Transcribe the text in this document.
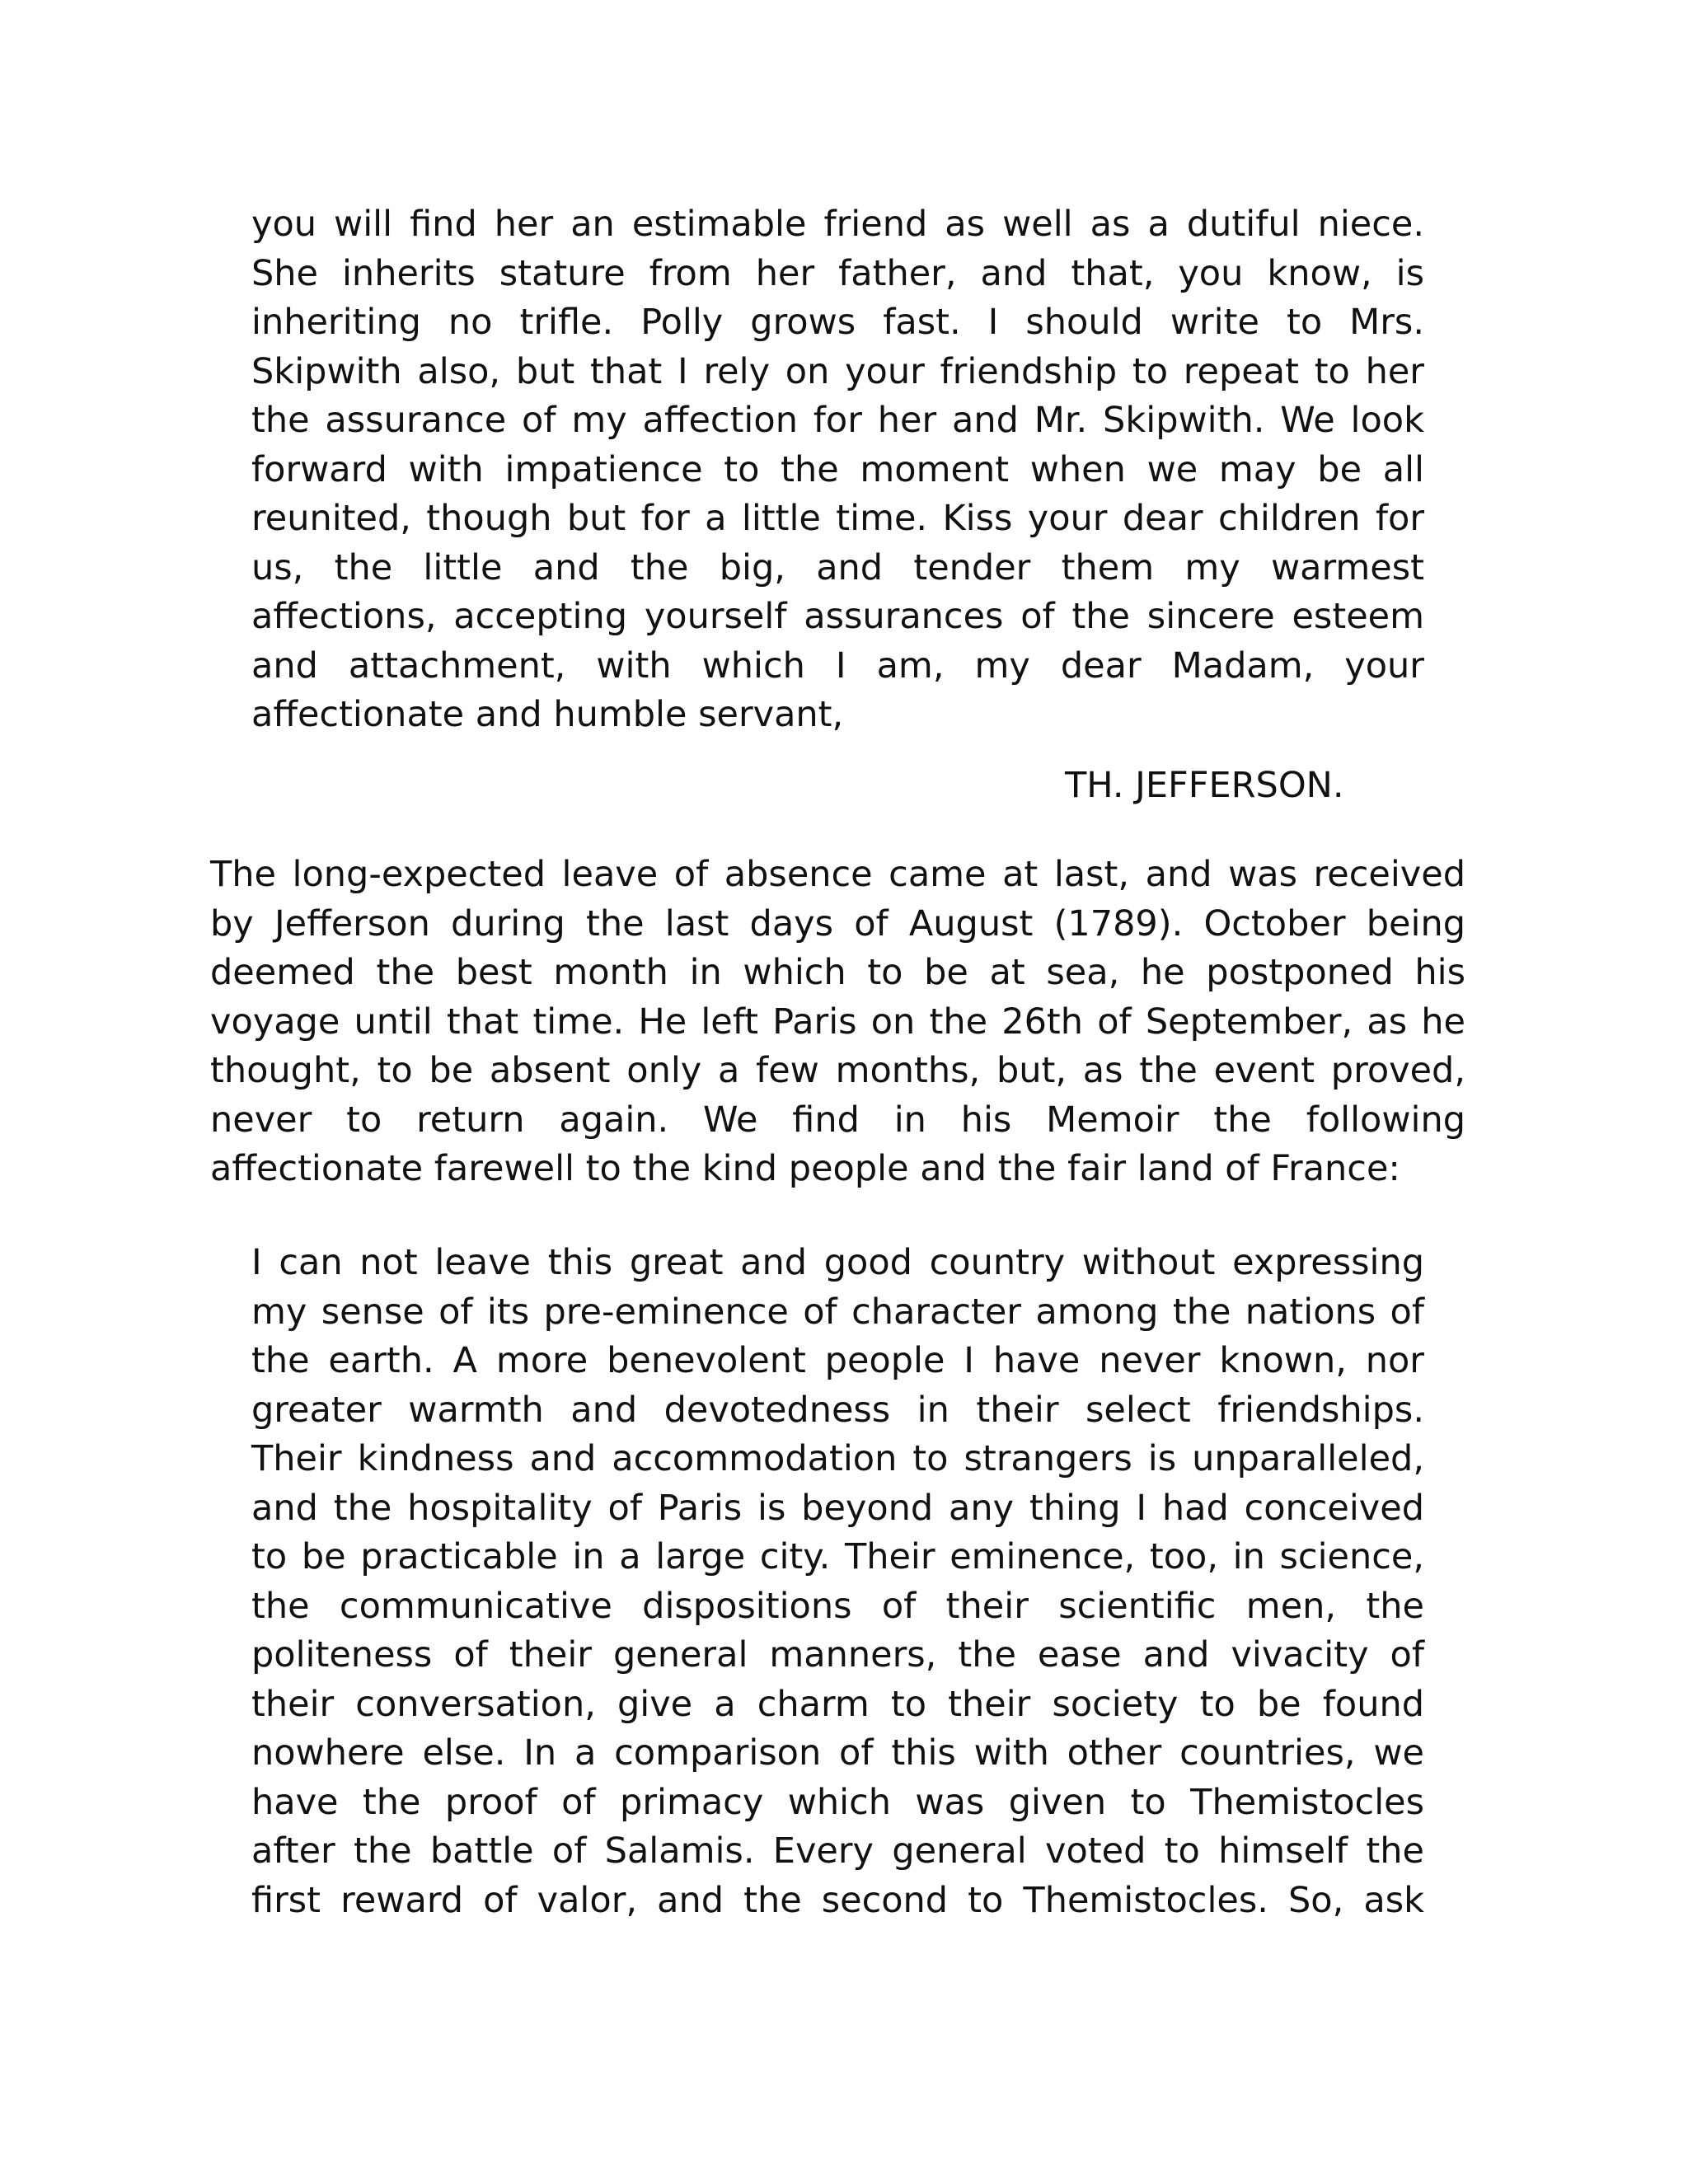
you will find her an estimable friend as well as a dutiful niece.
She inherits stature from her father, and that, you know, is
inheriting no trifle. Polly grows fast. I should write to Mrs.
Skipwith also, but that I rely on your friendship to repeat to her
the assurance of my affection for her and Mr. Skipwith. We look
forward with impatience to the moment when we may be all
reunited, though but for a little time. Kiss your dear children for
us, the little and the big, and tender them my warmest
affections, accepting yourself assurances of the sincere esteem
and attachment, with which I am, my dear Madam, your
affectionate and humble servant,
TH. JEFFERSON.
The long-expected leave of absence came at last, and was received
by Jefferson during the last days of August (1789). October being
deemed the best month in which to be at sea, he postponed his
voyage until that time. He left Paris on the 26th of September, as he
thought, to be absent only a few months, but, as the event proved,
never to return again. We find in his Memoir the following
affectionate farewell to the kind people and the fair land of France:
I can not leave this great and good country without expressing
my sense of its pre-eminence of character among the nations of
the earth. A more benevolent people I have never known, nor
greater warmth and devotedness in their select friendships.
Their kindness and accommodation to strangers is unparalleled,
and the hospitality of Paris is beyond any thing I had conceived
to be practicable in a large city. Their eminence, too, in science,
the communicative dispositions of their scientific men, the
politeness of their general manners, the ease and vivacity of
their conversation, give a charm to their society to be found
nowhere else. In a comparison of this with other countries, we
have the proof of primacy which was given to Themistocles
after the battle of Salamis. Every general voted to himself the
first reward of valor, and the second to Themistocles. So, ask
